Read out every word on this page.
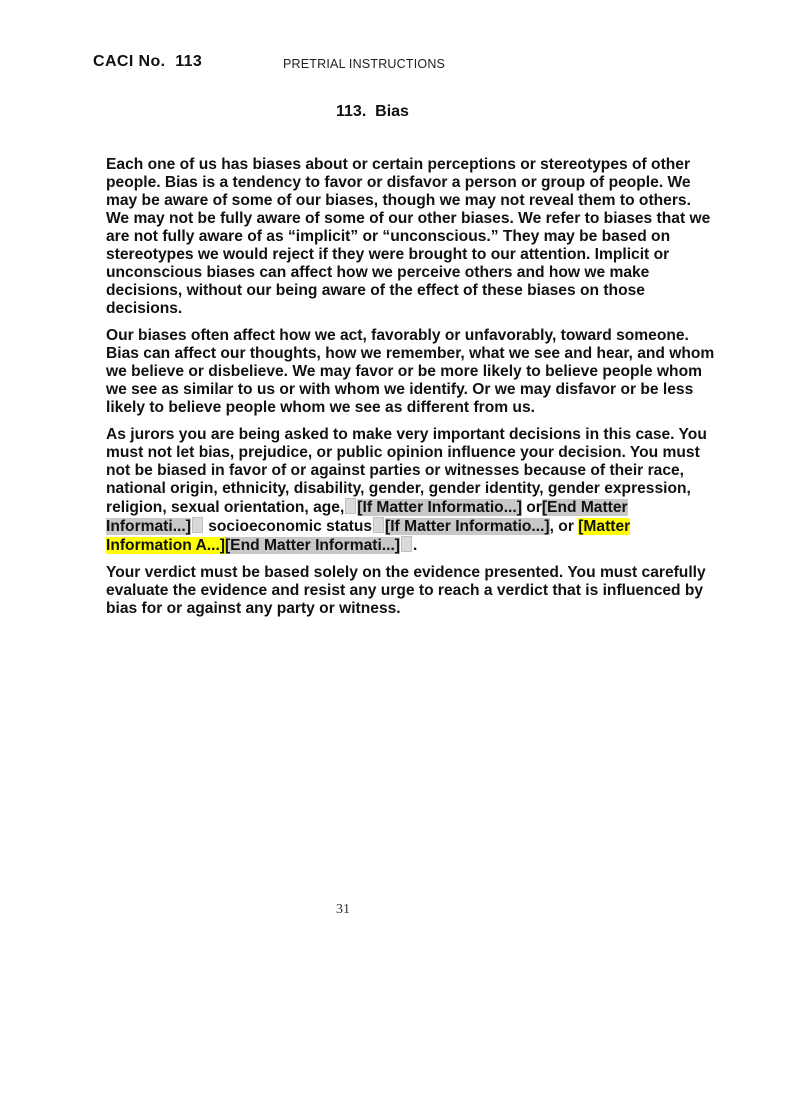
CACI No.  113	PRETRIAL INSTRUCTIONS
113.  Bias

Each one of us has biases about or certain perceptions or stereotypes of other people. Bias is a tendency to favor or disfavor a person or group of people. We may be aware of some of our biases, though we may not reveal them to others. We may not be fully aware of some of our other biases. We refer to biases that we are not fully aware of as “implicit” or “unconscious.” They may be based on stereotypes we would reject if they were brought to our attention. Implicit or unconscious biases can affect how we perceive others and how we make decisions, without our being aware of the effect of these biases on those decisions.

Our biases often affect how we act, favorably or unfavorably, toward someone. Bias can affect our thoughts, how we remember, what we see and hear, and whom we believe or disbelieve. We may favor or be more likely to believe people whom we see as similar to us or with whom we identify. Or we may disfavor or be less likely to believe people whom we see as different from us.

As jurors you are being asked to make very important decisions in this case. You must not let bias, prejudice, or public opinion influence your decision. You must not be biased in favor of or against parties or witnesses because of their race, national origin, ethnicity, disability, gender, gender identity, gender expression, religion, sexual orientation, age, [If Matter Informatio...] or[End Matter Informati...] socioeconomic status [If Matter Informatio...], or [Matter Information A...][End Matter Informati...] .

Your verdict must be based solely on the evidence presented. You must carefully evaluate the evidence and resist any urge to reach a verdict that is influenced by bias for or against any party or witness.

31
